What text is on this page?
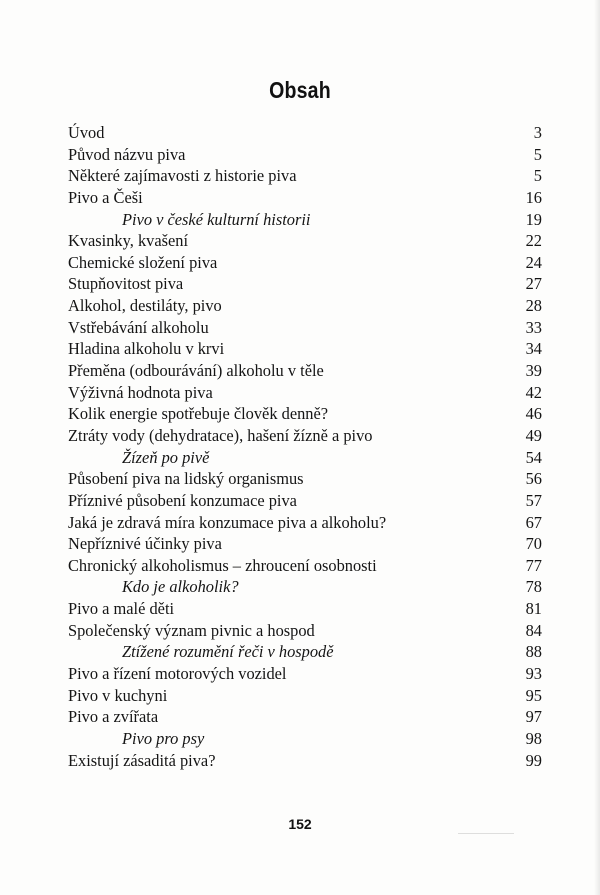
Obsah
Úvod	3
Původ názvu piva	5
Některé zajímavosti z historie piva	5
Pivo a Češi	16
Pivo v české kulturní historii	19
Kvasinky, kvašení	22
Chemické složení piva	24
Stupňovitost piva	27
Alkohol, destiláty, pivo	28
Vstřebávání alkoholu	33
Hladina alkoholu v krvi	34
Přeměna (odbourávání) alkoholu v těle	39
Výživná hodnota piva	42
Kolik energie spotřebuje člověk denně?	46
Ztráty vody (dehydratace), hašení žízně a pivo	49
Žízeň po pivě	54
Působení piva na lidský organismus	56
Příznivé působení konzumace piva	57
Jaká je zdravá míra konzumace piva a alkoholu?	67
Nepříznivé účinky piva	70
Chronický alkoholismus – zhroucení osobnosti	77
Kdo je alkoholik?	78
Pivo a malé děti	81
Společenský význam pivnic a hospod	84
Ztížené rozumění řeči v hospodě	88
Pivo a řízení motorových vozidel	93
Pivo v kuchyni	95
Pivo a zvířata	97
Pivo pro psy	98
Existují zásaditá piva?	99
152
